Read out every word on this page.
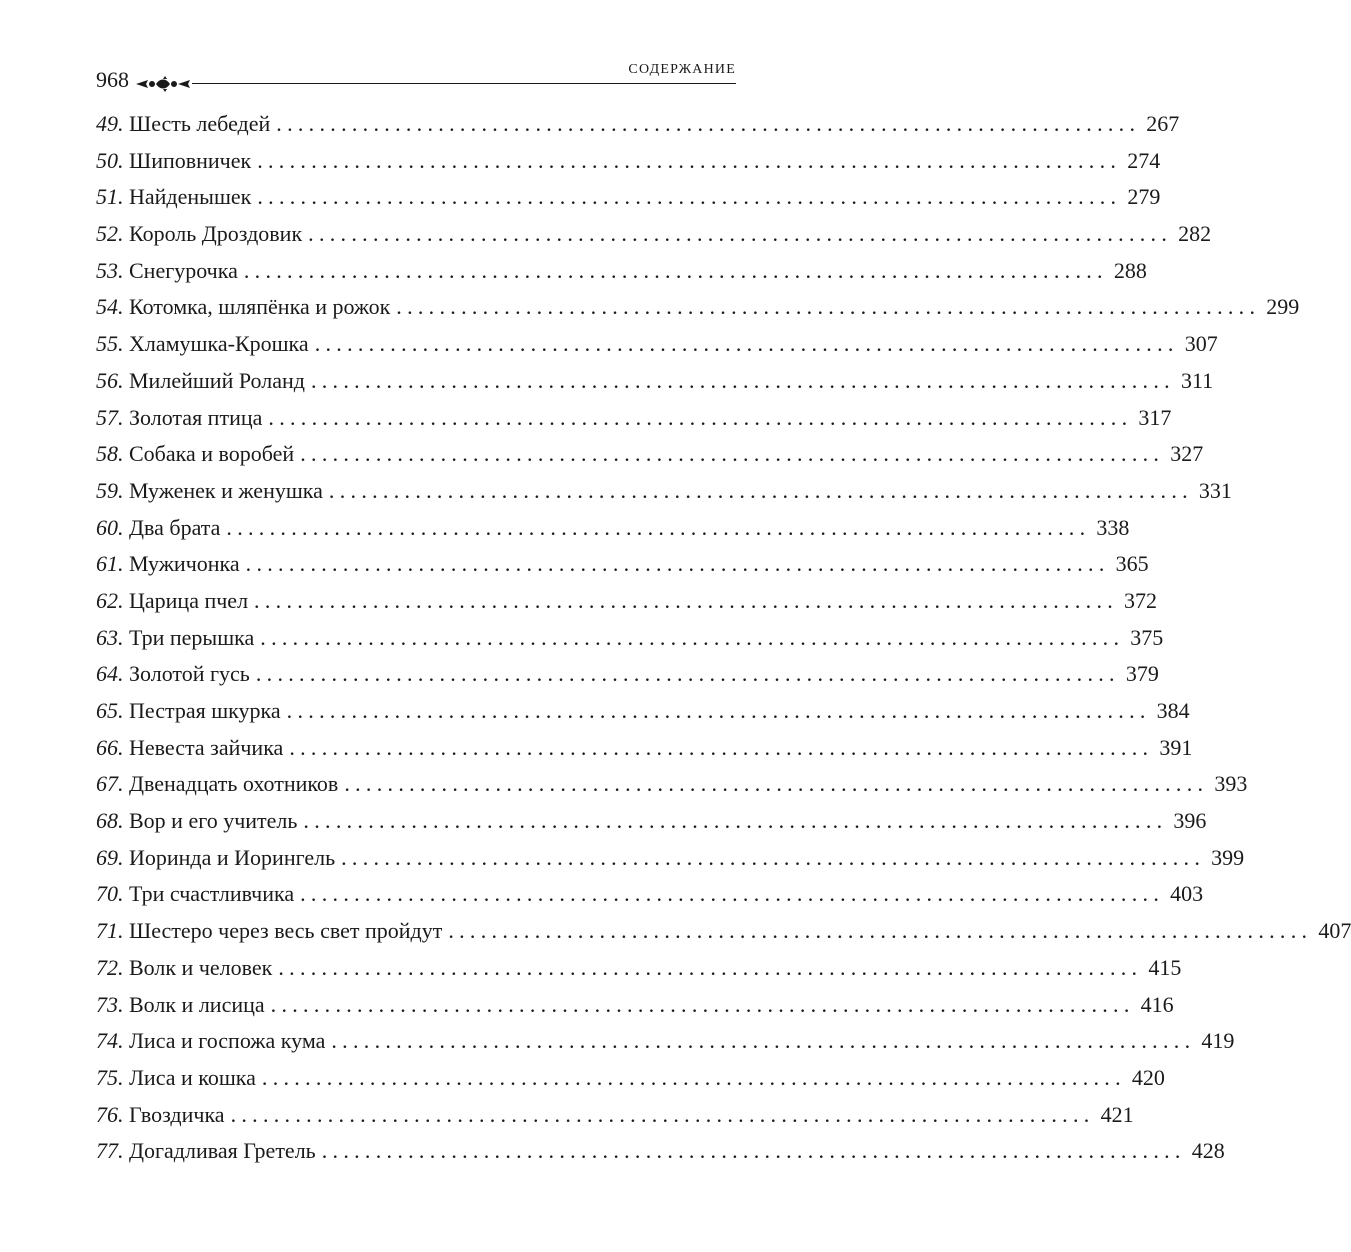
968	СОДЕРЖАНИЕ
49.
Шесть лебедей ................................................................................ 267
50.
Шиповничек ................................................................................ 274
51.
Найденышек ................................................................................ 279
52.
Король Дроздовик ................................................................................ 282
53.
Снегурочка ................................................................................ 288
54.
Котомка, шляпёнка и рожок ................................................................................ 299
55.
Хламушка-Крошка ................................................................................ 307
56.
Милейший Роланд ................................................................................ 311
57.
Золотая птица ................................................................................ 317
58.
Собака и воробей ................................................................................ 327
59.
Муженек и женушка ................................................................................ 331
60.
Два брата ................................................................................ 338
61.
Мужичонка ................................................................................ 365
62.
Царица пчел ................................................................................ 372
63.
Три перышка ................................................................................ 375
64.
Золотой гусь ................................................................................ 379
65.
Пестрая шкурка ................................................................................ 384
66.
Невеста зайчика ................................................................................ 391
67.
Двенадцать охотников ................................................................................ 393
68.
Вор и его учитель ................................................................................ 396
69.
Иоринда и Иорингель ................................................................................ 399
70.
Три счастливчика ................................................................................ 403
71.
Шестеро через весь свет пройдут ................................................................................ 407
72.
Волк и человек ................................................................................ 415
73.
Волк и лисица ................................................................................ 416
74.
Лиса и госпожа кума ................................................................................ 419
75.
Лиса и кошка ................................................................................ 420
76.
Гвоздичка ................................................................................ 421
77.
Догадливая Гретель ................................................................................ 428
